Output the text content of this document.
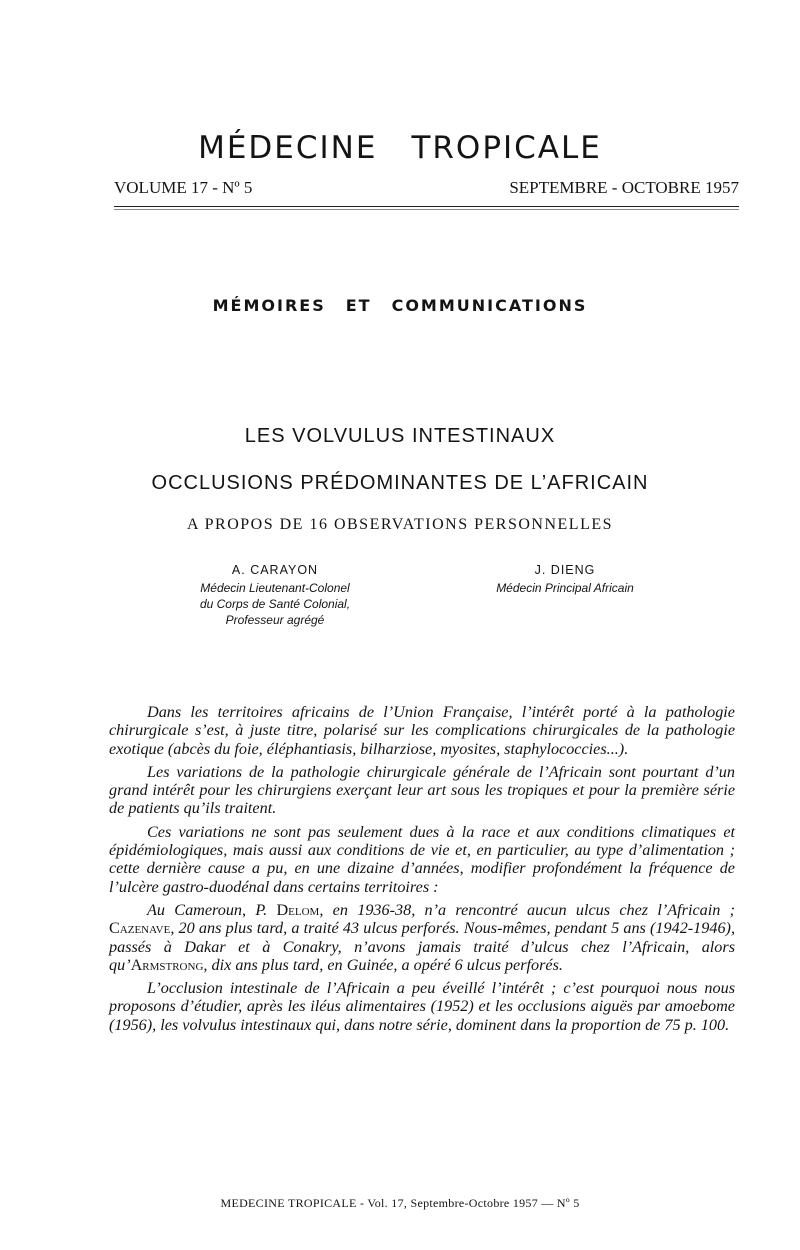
MÉDECINE TROPICALE
VOLUME 17 - Nº 5	SEPTEMBRE - OCTOBRE 1957
MÉMOIRES ET COMMUNICATIONS
LES VOLVULUS INTESTINAUX
OCCLUSIONS PRÉDOMINANTES DE L’AFRICAIN
A PROPOS DE 16 OBSERVATIONS PERSONNELLES
A. CARAYON
Médecin Lieutenant-Colonel
du Corps de Santé Colonial,
Professeur agrégé
J. DIENG
Médecin Principal Africain

Dans les territoires africains de l’Union Française, l’intérêt porté à la pathologie chirurgicale s’est, à juste titre, polarisé sur les complications chirurgicales de la pathologie exotique (abcès du foie, éléphantiasis, bilharziose, myosites, staphylococcies...).

Les variations de la pathologie chirurgicale générale de l’Africain sont pourtant d’un grand intérêt pour les chirurgiens exerçant leur art sous les tropiques et pour la première série de patients qu’ils traitent.

Ces variations ne sont pas seulement dues à la race et aux conditions climatiques et épidémiologiques, mais aussi aux conditions de vie et, en particulier, au type d’alimentation ; cette dernière cause a pu, en une dizaine d’années, modifier profondément la fréquence de l’ulcère gastro-duodénal dans certains territoires :

Au Cameroun, P. Delom, en 1936-38, n’a rencontré aucun ulcus chez l’Africain ; Cazenave, 20 ans plus tard, a traité 43 ulcus perforés. Nous-mêmes, pendant 5 ans (1942-1946), passés à Dakar et à Conakry, n’avons jamais traité d’ulcus chez l’Africain, alors qu’Armstrong, dix ans plus tard, en Guinée, a opéré 6 ulcus perforés.

L’occlusion intestinale de l’Africain a peu éveillé l’intérêt ; c’est pourquoi nous nous proposons d’étudier, après les iléus alimentaires (1952) et les occlusions aiguës par amoebome (1956), les volvulus intestinaux qui, dans notre série, dominent dans la proportion de 75 p. 100.

MEDECINE TROPICALE - Vol. 17, Septembre-Octobre 1957 — Nº 5
